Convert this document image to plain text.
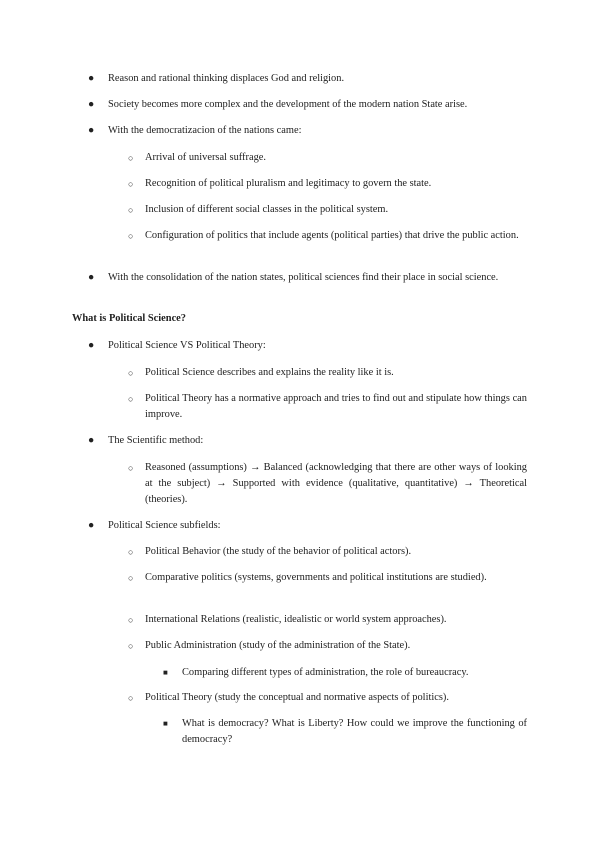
●	Reason and rational thinking displaces God and religion.
●	Society becomes more complex and the development of the modern nation State arise.
●	With the democratizacion of the nations came:
○	Arrival of universal suffrage.
○	Recognition of political pluralism and legitimacy to govern the state.
○	Inclusion of different social classes in the political system.
○	Configuration of politics that include agents (political parties) that drive the public action.
●	With the consolidation of the nation states, political sciences find their place in social science.
What is Political Science?
●	Political Science VS Political Theory:
○	Political Science describes and explains the reality like it is.
○	Political Theory has a normative approach and tries to find out and stipulate how things can improve.
●	The Scientific method:
○	Reasoned (assumptions) → Balanced (acknowledging that there are other ways of looking at the subject) → Supported with evidence (qualitative, quantitative) → Theoretical (theories).
●	Political Science subfields:
○	Political Behavior (the study of the behavior of political actors).
○	Comparative politics (systems, governments and political institutions are studied).
○	International Relations (realistic, idealistic or world system approaches).
○	Public Administration (study of the administration of the State).
■	Comparing different types of administration, the role of bureaucracy.
○	Political Theory (study the conceptual and normative aspects of politics).
■	What is democracy? What is Liberty? How could we improve the functioning of democracy?
